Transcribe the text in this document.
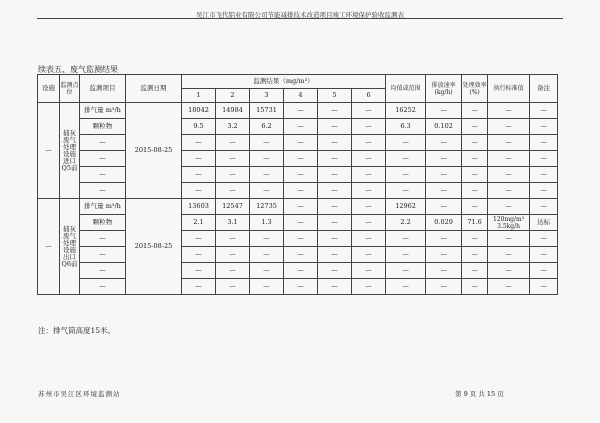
吴江市飞代铝业有限公司节能减排技术改造项目竣工环境保护验收监测表
续表五、废气监测结果
设施	监测点位	监测项目	监测日期	监测结果（mg/m³）						均值或范围	排放速率(kg/h)	处理效率(%)	执行标准值	备注
				1	2	3	4	5	6					
—	捕灰废气处理设施进口Q5前	排气量 m³/h	2015-08-25	18042	14984	15731	—	—	—	16252	—	—	—	—
		颗粒物		9.5	3.2	6.2	—	—	—	6.3	0.102	—	—	—
		—		—	—	—	—	—	—	—	—	—	—	—
		—		—	—	—	—	—	—	—	—	—	—	—
		—		—	—	—	—	—	—	—	—	—	—	—
		—		—	—	—	—	—	—	—	—	—	—	—
—	捕灰废气处理设施出口Q6前	排气量 m³/h	2015-08-25	13603	12547	12735	—	—	—	12962	—	—	—	—
		颗粒物		2.1	3.1	1.3	—	—	—	2.2	0.029	71.6	120mg/m³ 3.5kg/h	达标
		—		—	—	—	—	—	—	—	—	—	—	—
		—		—	—	—	—	—	—	—	—	—	—	—
		—		—	—	—	—	—	—	—	—	—	—	—
		—		—	—	—	—	—	—	—	—	—	—	—
注：排气筒高度15米。
苏州市吴江区环境监测站	第 9 页 共 15 页
